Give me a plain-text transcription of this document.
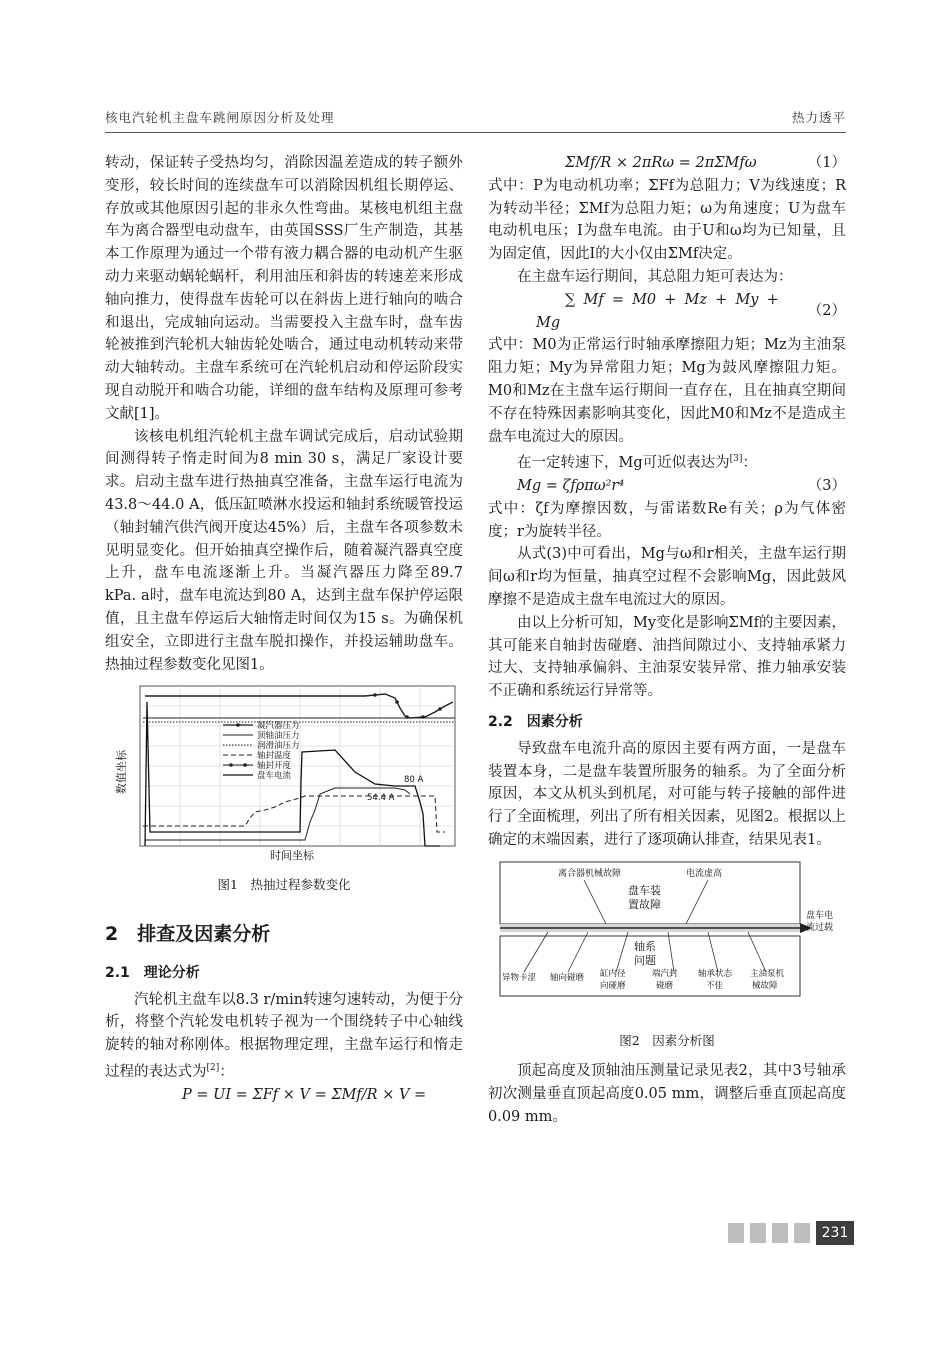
核电汽轮机主盘车跳闸原因分析及处理	热力透平

转动，保证转子受热均匀，消除因温差造成的转子额外变形，较长时间的连续盘车可以消除因机组长期停运、存放或其他原因引起的非永久性弯曲。某核电机组主盘车为离合器型电动盘车，由英国SSS厂生产制造，其基本工作原理为通过一个带有液力耦合器的电动机产生驱动力来驱动蜗轮蜗杆，利用油压和斜齿的转速差来形成轴向推力，使得盘车齿轮可以在斜齿上进行轴向的啮合和退出，完成轴向运动。当需要投入主盘车时，盘车齿轮被推到汽轮机大轴齿轮处啮合，通过电动机转动来带动大轴转动。主盘车系统可在汽轮机启动和停运阶段实现自动脱开和啮合功能，详细的盘车结构及原理可参考文献[1]。

该核电机组汽轮机主盘车调试完成后，启动试验期间测得转子惰走时间为8 min 30 s，满足厂家设计要求。启动主盘车进行热抽真空准备，主盘车运行电流为43.8～44.0 A，低压缸喷淋水投运和轴封系统暖管投运（轴封辅汽供汽阀开度达45%）后，主盘车各项参数未见明显变化。但开始抽真空操作后，随着凝汽器真空度上升，盘车电流逐渐上升。当凝汽器压力降至89.7 kPa. a时，盘车电流达到80 A，达到主盘车保护停运限值，且主盘车停运后大轴惰走时间仅为15 s。为确保机组安全，立即进行主盘车脱扣操作，并投运辅助盘车。热抽过程参数变化见图1。

凝汽器压力
顶轴油压力
润滑油压力
轴封温度
轴封开度
盘车电流	80 A
54.4 A
数值坐标
时间坐标
图1　热抽过程参数变化
2　排查及因素分析
2.1　理论分析

汽轮机主盘车以8.3 r/min转速匀速转动，为便于分析，将整个汽轮发电机转子视为一个围绕转子中心轴线旋转的轴对称刚体。根据物理定理，主盘车运行和惰走过程的表达式为[2]：

P = UI = ΣFf × V = ΣMf/R × V =

ΣMf/R × 2πRω = 2πΣMfω	（1）

式中：P为电动机功率；ΣFf为总阻力；V为线速度；R为转动半径；ΣMf为总阻力矩；ω为角速度；U为盘车电动机电压；I为盘车电流。由于U和ω均为已知量，且为固定值，因此I的大小仅由ΣMf决定。

在主盘车运行期间，其总阻力矩可表达为：

∑ Mf = M0 + Mz + My + Mg
（2）

式中：M0为正常运行时轴承摩擦阻力矩；Mz为主油泵阻力矩；My为异常阻力矩；Mg为鼓风摩擦阻力矩。M0和Mz在主盘车运行期间一直存在，且在抽真空期间不存在特殊因素影响其变化，因此M0和Mz不是造成主盘车电流过大的原因。

在一定转速下，Mg可近似表达为[3]：

Mg = ζfρπω²r⁴	（3）

式中：ζf为摩擦因数，与雷诺数Re有关；ρ为气体密度；r为旋转半径。

从式(3)中可看出，Mg与ω和r相关，主盘车运行期间ω和r均为恒量，抽真空过程不会影响Mg，因此鼓风摩擦不是造成主盘车电流过大的原因。

由以上分析可知，My变化是影响ΣMf的主要因素，其可能来自轴封齿碰磨、油挡间隙过小、支持轴承紧力过大、支持轴承偏斜、主油泵安装异常、推力轴承安装不正确和系统运行异常等。

2.2　因素分析

导致盘车电流升高的原因主要有两方面，一是盘车装置本身，二是盘车装置所服务的轴系。为了全面分析原因，本文从机头到机尾，对可能与转子接触的部件进行了全面梳理，列出了所有相关因素，见图2。根据以上确定的末端因素，进行了逐项确认排查，结果见表1。

离合器机械故障	电流虚高
盘车装
置故障
盘车电
流过载
轴系
问题
异物卡涩 轴向碰磨 缸内径
向碰磨
端汽封
碰磨
轴承状态
不佳
主油泵机
械故障
图2　因素分析图

顶起高度及顶轴油压测量记录见表2，其中3号轴承初次测量垂直顶起高度0.05 mm，调整后垂直顶起高度0.09 mm。

231
